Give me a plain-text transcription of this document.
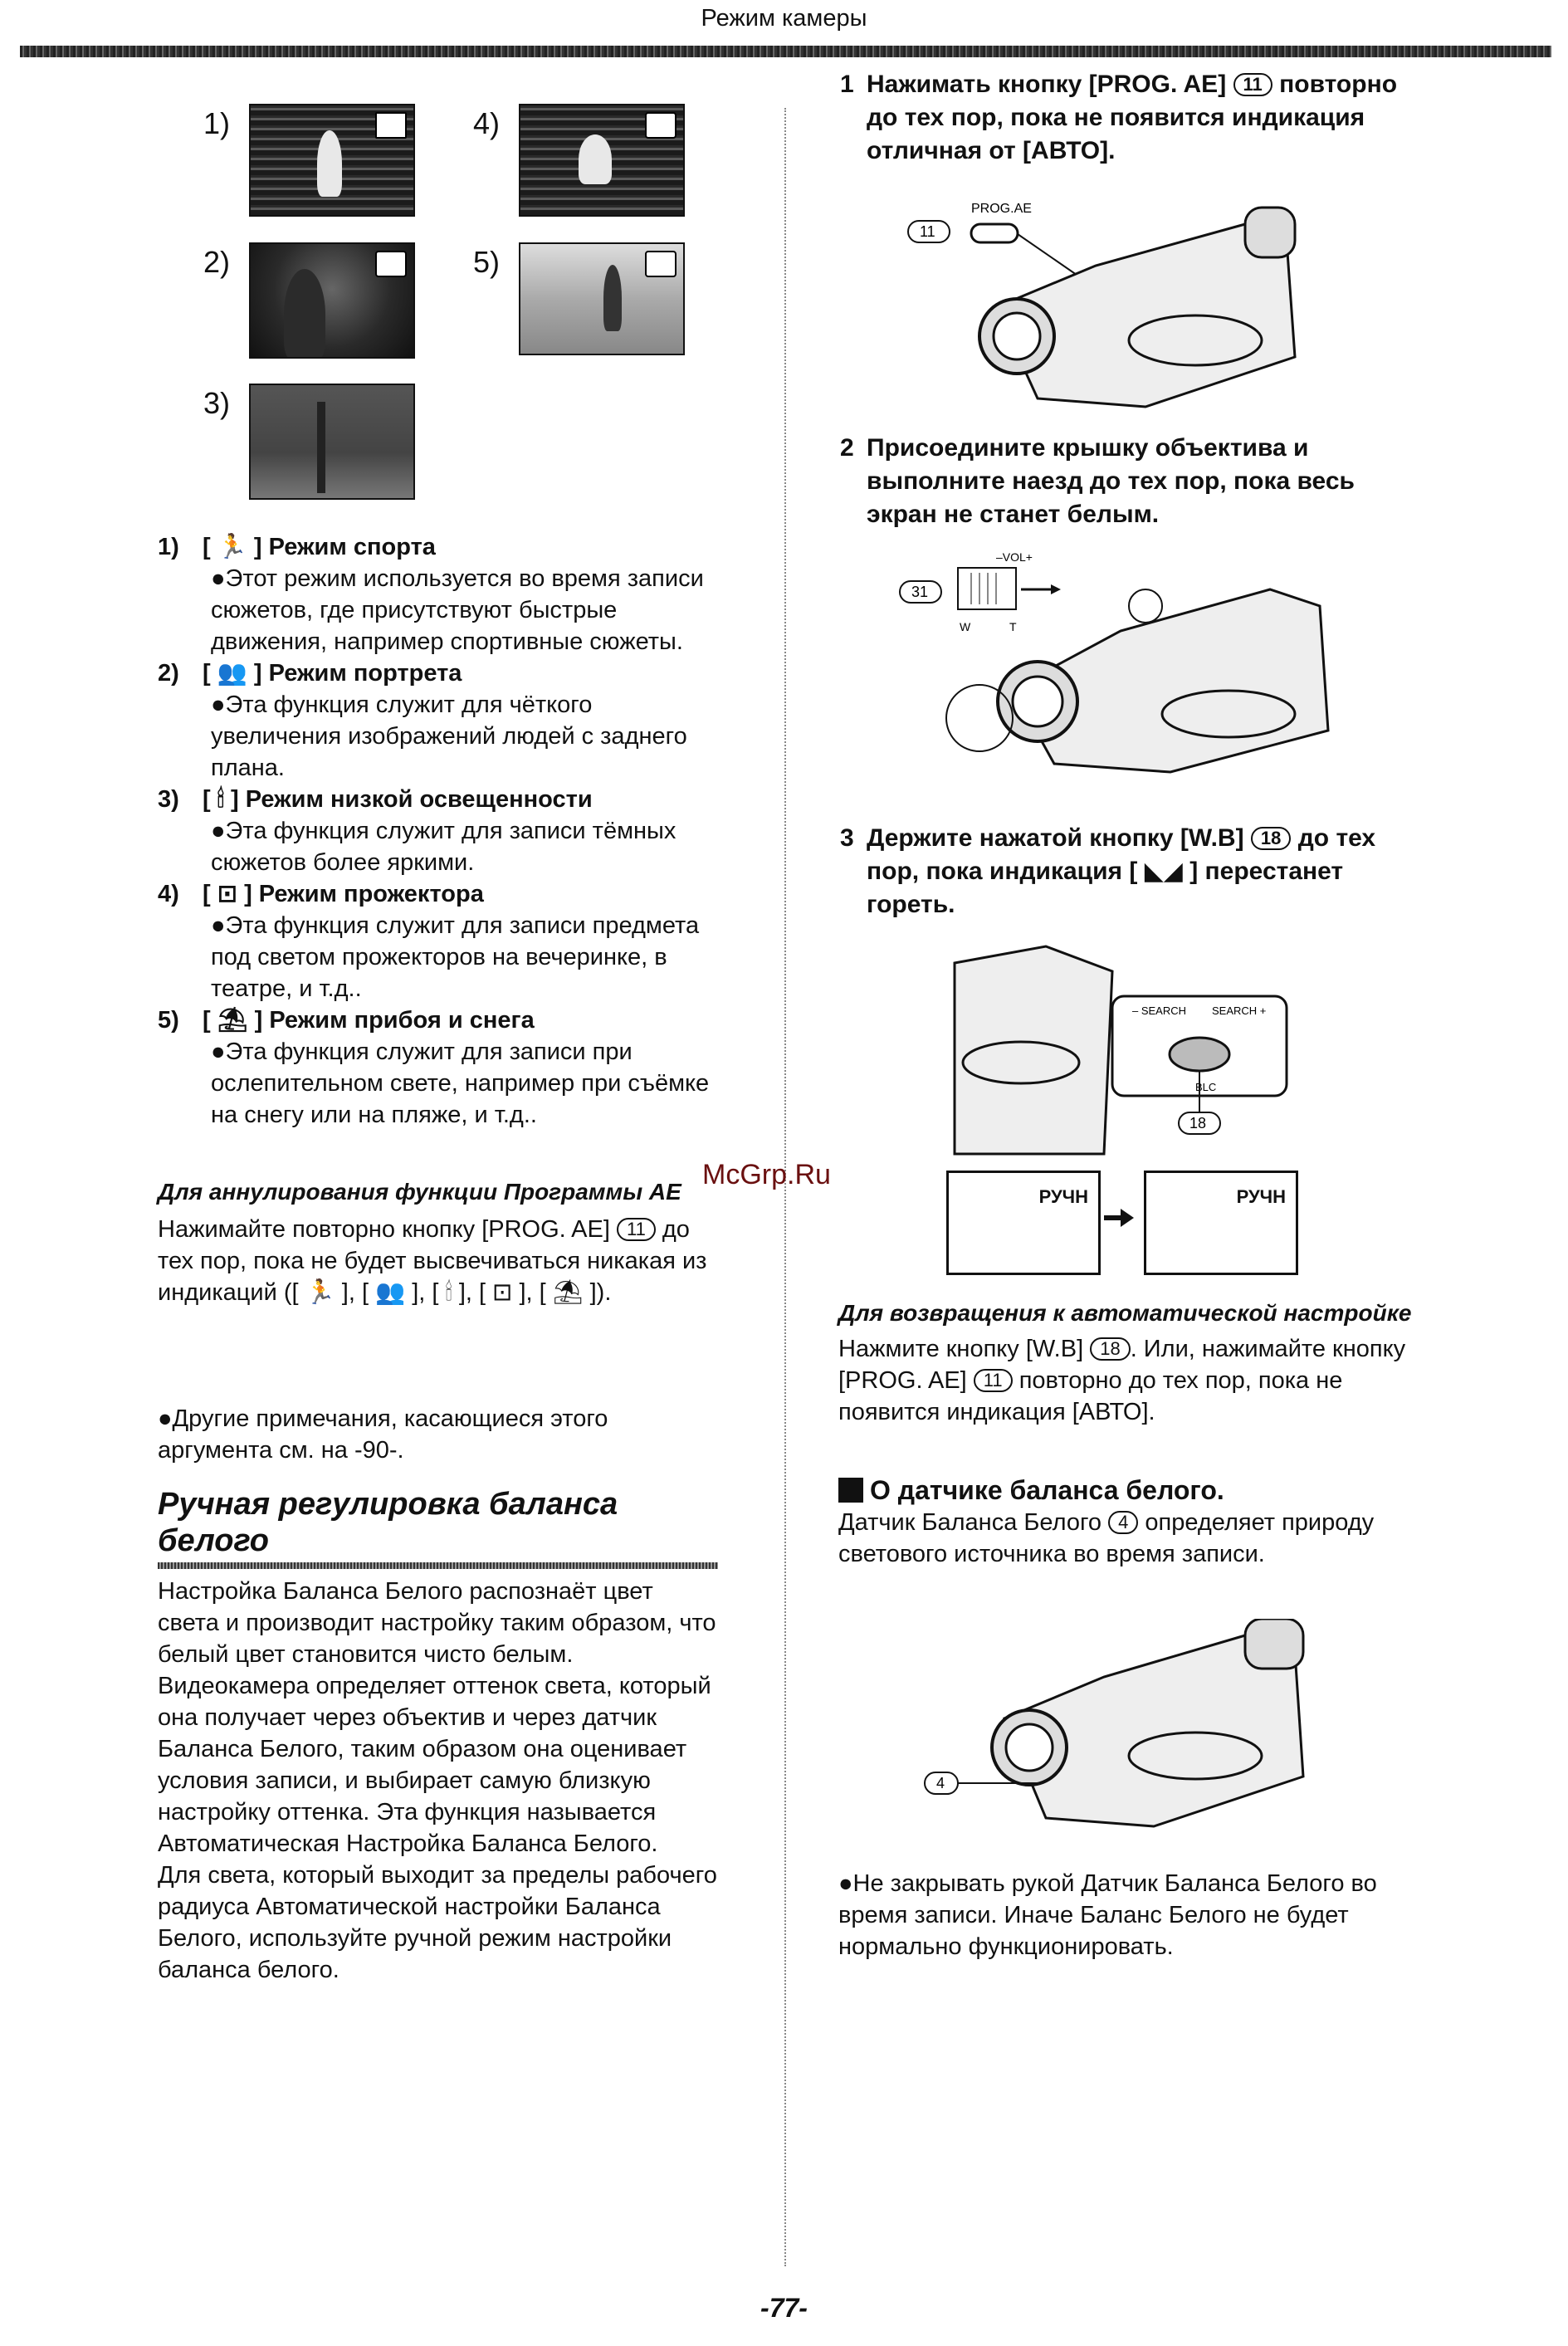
Режим камеры
1)
2)
3)
4)
5)
1) [ 🏃 ] Режим спорта
●Этот режим используется во время записи сюжетов, где присутствуют быстрые движения, например спортивные сюжеты.
2) [ 👥 ] Режим портрета
●Эта функция служит для чёткого увеличения изображений людей с заднего плана.
3) [ 🕯 ] Режим низкой освещенности
●Эта функция служит для записи тёмных сюжетов более яркими.
4) [ ⊡ ] Режим прожектора
●Эта функция служит для записи предмета под светом прожекторов на вечеринке, в театре, и т.д..
5) [ ⛱ ] Режим прибоя и снега
●Эта функция служит для записи при ослепительном свете, например при съёмке на снегу или на пляже, и т.д..
Для аннулирования функции Программы AE
Нажимайте повторно кнопку [PROG. AE] 11 до тех пор, пока не будет высвечиваться никакая из индикаций ([ 🏃 ], [ 👥 ], [ 🕯 ], [ ⊡ ], [ ⛱ ]).
●Другие примечания, касающиеся этого аргумента см. на -90-.
Ручная регулировка баланса белого
Настройка Баланса Белого распознаёт цвет света и производит настройку таким образом, что белый цвет становится чисто белым. Видеокамера определяет оттенок света, который она получает через объектив и через датчик Баланса Белого, таким образом она оценивает условия записи, и выбирает самую близкую настройку оттенка. Эта функция называется Автоматическая Настройка Баланса Белого.
Для света, который выходит за пределы рабочего радиуса Автоматической настройки Баланса Белого, используйте ручной режим настройки баланса белого.
1 Нажимать кнопку [PROG. AE] 11 повторно до тех пор, пока не появится индикация отличная от [АВТО].
PROG.AE
11
2 Присоедините крышку объектива и выполните наезд до тех пор, пока весь экран не станет белым.
–VOL+
31
W	T
3 Держите нажатой кнопку [W.B] 18 до тех пор, пока индикация [ ◣◢ ] перестанет гореть.
– SEARCH SEARCH +
BLC
18
РУЧН	РУЧН
McGrp.Ru
Для возвращения к автоматической настройке
Нажмите кнопку [W.B] 18 . Или, нажимайте кнопку [PROG. AE] 11 повторно до тех пор, пока не появится индикация [АВТО].
О датчике баланса белого.
Датчик Баланса Белого 4 определяет природу светового источника во время записи.
4
●Не закрывать рукой Датчик Баланса Белого во время записи. Иначе Баланс Белого не будет нормально функционировать.
-77-
